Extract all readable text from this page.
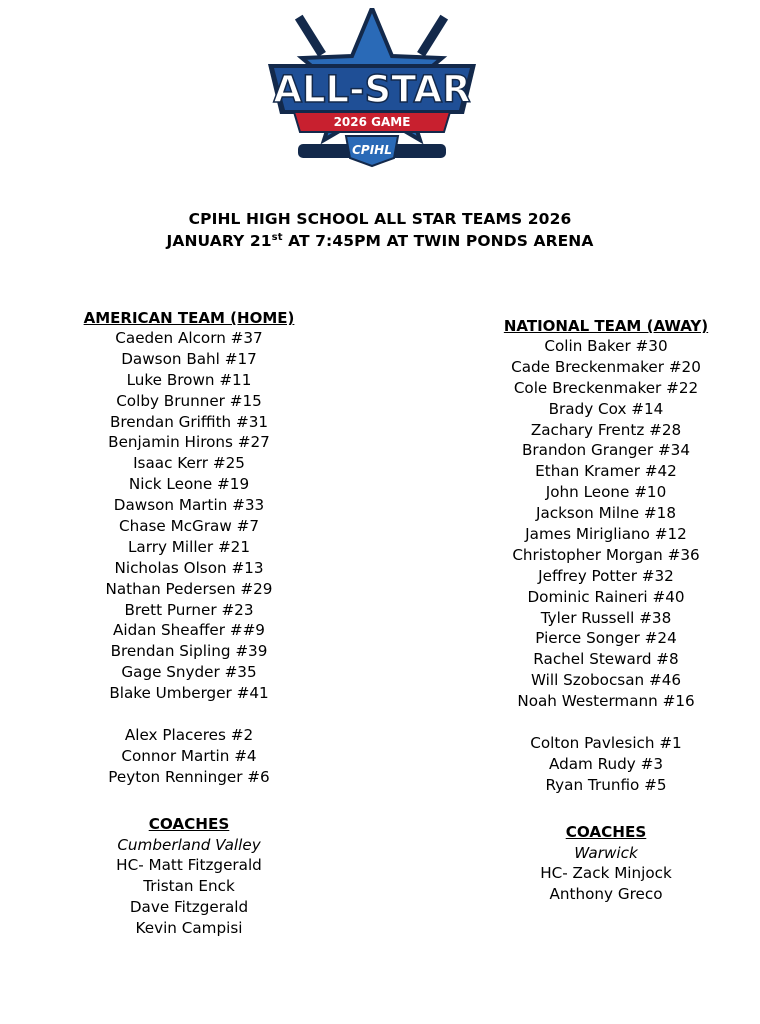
ALL-STAR
2026 GAME
CPIHL
CPIHL HIGH SCHOOL ALL STAR TEAMS 2026
JANUARY 21st AT 7:45PM AT TWIN PONDS ARENA
AMERICAN TEAM (HOME)
Caeden Alcorn #37
Dawson Bahl #17
Luke Brown #11
Colby Brunner #15
Brendan Griffith #31
Benjamin Hirons #27
Isaac Kerr #25
Nick Leone #19
Dawson Martin #33
Chase McGraw #7
Larry Miller #21
Nicholas Olson #13
Nathan Pedersen #29
Brett Purner #23
Aidan Sheaffer ##9
Brendan Sipling #39
Gage Snyder #35
Blake Umberger #41
Alex Placeres #2
Connor Martin #4
Peyton Renninger #6
COACHES
Cumberland Valley
HC- Matt Fitzgerald
Tristan Enck
Dave Fitzgerald
Kevin Campisi
NATIONAL TEAM (AWAY)
Colin Baker #30
Cade Breckenmaker #20
Cole Breckenmaker #22
Brady Cox #14
Zachary Frentz #28
Brandon Granger #34
Ethan Kramer #42
John Leone #10
Jackson Milne #18
James Mirigliano #12
Christopher Morgan #36
Jeffrey Potter #32
Dominic Raineri #40
Tyler Russell #38
Pierce Songer #24
Rachel Steward #8
Will Szobocsan #46
Noah Westermann #16
Colton Pavlesich #1
Adam Rudy #3
Ryan Trunfio #5
COACHES
Warwick
HC- Zack Minjock
Anthony Greco
